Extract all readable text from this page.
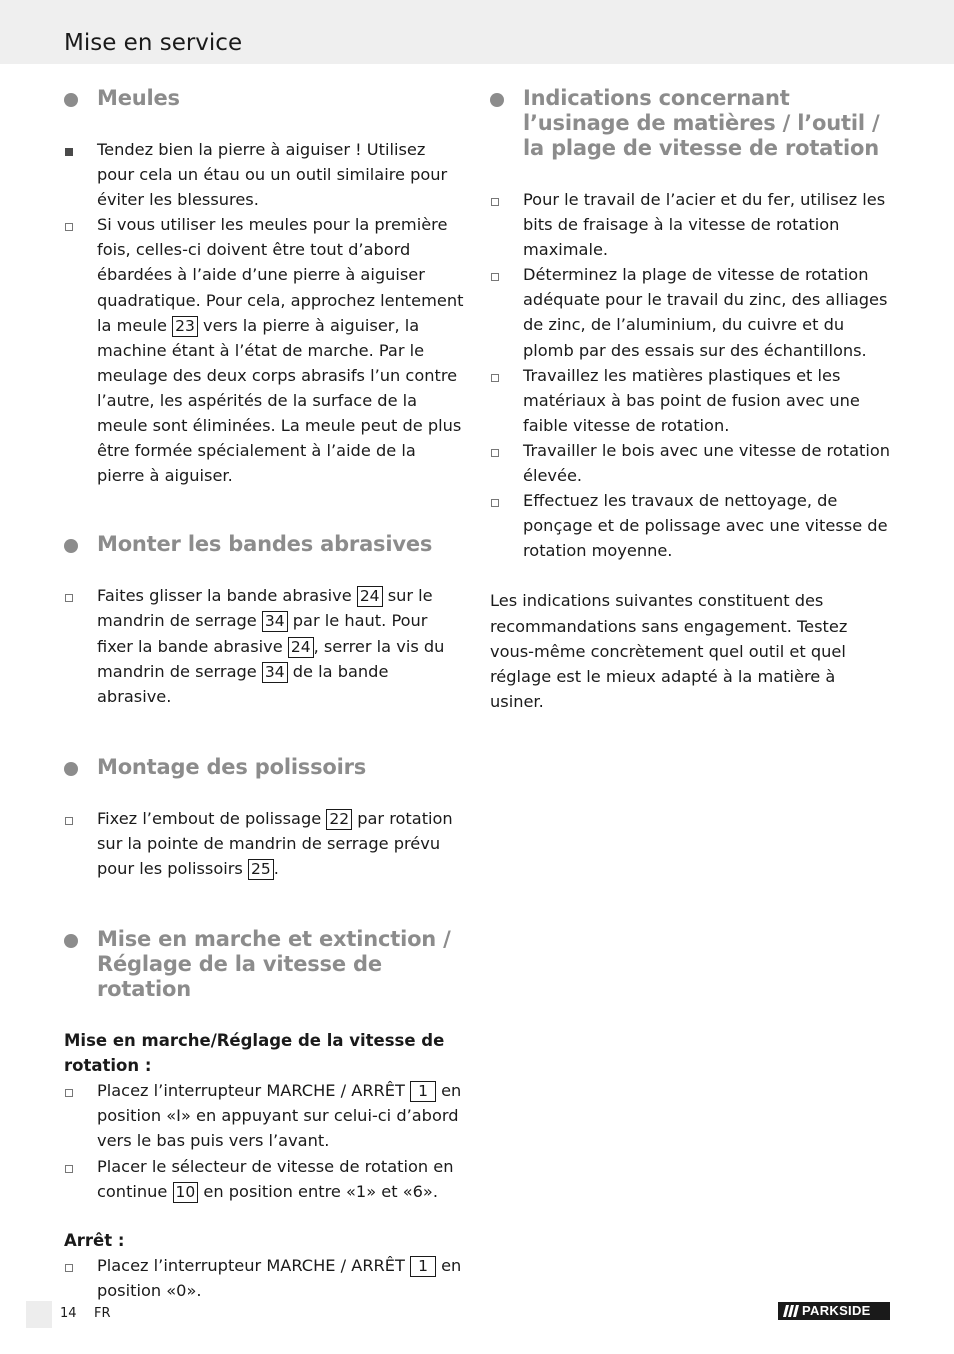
Mise en service
Meules
Tendez bien la pierre à aiguiser ! Utilisez pour cela un étau ou un outil similaire pour éviter les blessures.
Si vous utiliser les meules pour la première fois, celles-ci doivent être tout d’abord ébardées à l’aide d’une pierre à aiguiser quadratique. Pour cela, approchez lentement la meule 23 vers la pierre à aiguiser, la machine étant à l’état de marche. Par le meulage des deux corps abrasifs l’un contre l’autre, les aspérités de la surface de la meule sont éliminées. La meule peut de plus être formée spécialement à l’aide de la pierre à aiguiser.
Monter les bandes abrasives
Faites glisser la bande abrasive 24 sur le mandrin de serrage 34 par le haut. Pour fixer la bande abrasive 24 , serrer la vis du mandrin de serrage 34 de la bande abrasive.
Montage des polissoirs
Fixez l’embout de polissage 22 par rotation sur la pointe de mandrin de serrage prévu pour les polissoirs 25 .
Mise en marche et extinction / Réglage de la vitesse de rotation
Mise en marche/Réglage de la vitesse de rotation :
Placez l’interrupteur MARCHE / ARRÊT 1 en position «I» en appuyant sur celui-ci d’abord vers le bas puis vers l’avant.
Placer le sélecteur de vitesse de rotation en continue 10 en position entre «1» et «6».
Arrêt :
Placez l’interrupteur MARCHE / ARRÊT 1 en position «0».
Indications concernant l’usinage de matières / l’outil / la plage de vitesse de rotation
Pour le travail de l’acier et du fer, utilisez les bits de fraisage à la vitesse de rotation maximale.
Déterminez la plage de vitesse de rotation adéquate pour le travail du zinc, des alliages de zinc, de l’aluminium, du cuivre et du plomb par des essais sur des échantillons.
Travaillez les matières plastiques et les matériaux à bas point de fusion avec une faible vitesse de rotation.
Travailler le bois avec une vitesse de rotation élevée.
Effectuez les travaux de nettoyage, de ponçage et de polissage avec une vitesse de rotation moyenne.

Les indications suivantes constituent des recommandations sans engagement. Testez vous-même concrètement quel outil et quel réglage est le mieux adapté à la matière à usiner.

14 FR	PARKSIDE
